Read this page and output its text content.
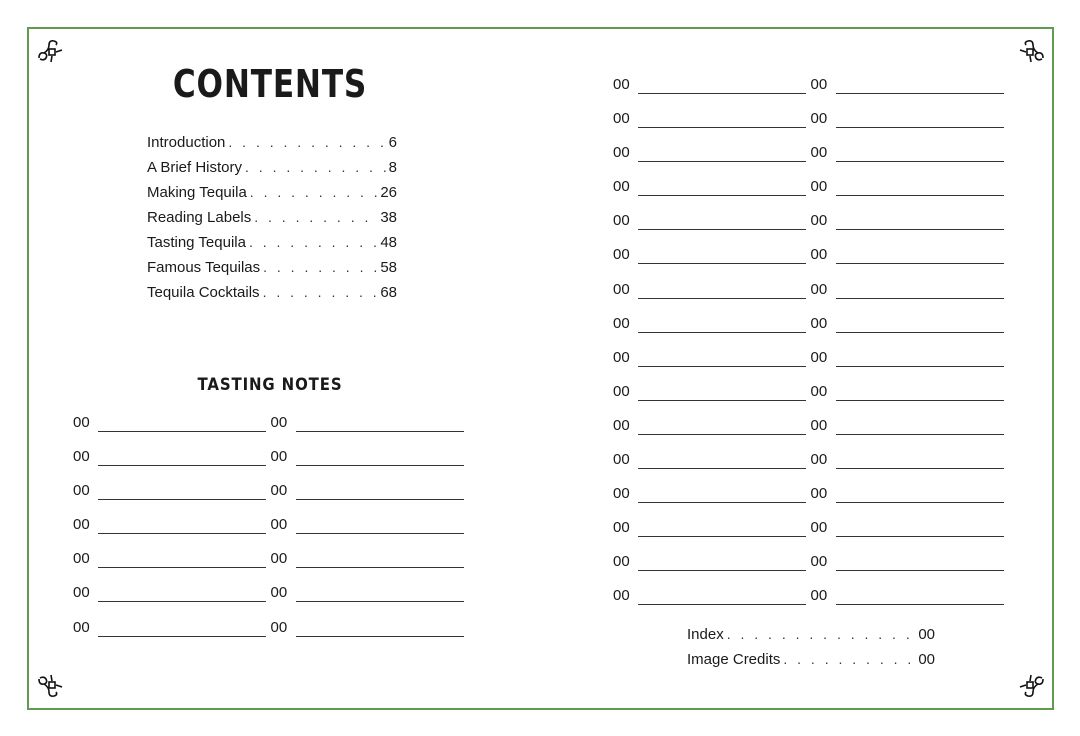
CONTENTS
Introduction . . .	6
A Brief History . . .	8
Making Tequila . . .	26
Reading Labels . . .	38
Tasting Tequila . . .	48
Famous Tequilas . . .	58
Tequila Cocktails . . .	68
TASTING NOTES
00	00
00	00
00	00
00	00
00	00
00	00
00	00
00	00
00	00
00	00
00	00
00	00
00	00
00	00
00	00
00	00
00	00
00	00
00	00
00	00
00	00
00	00
00	00
Index . . .	00
Image Credits . . .	00
